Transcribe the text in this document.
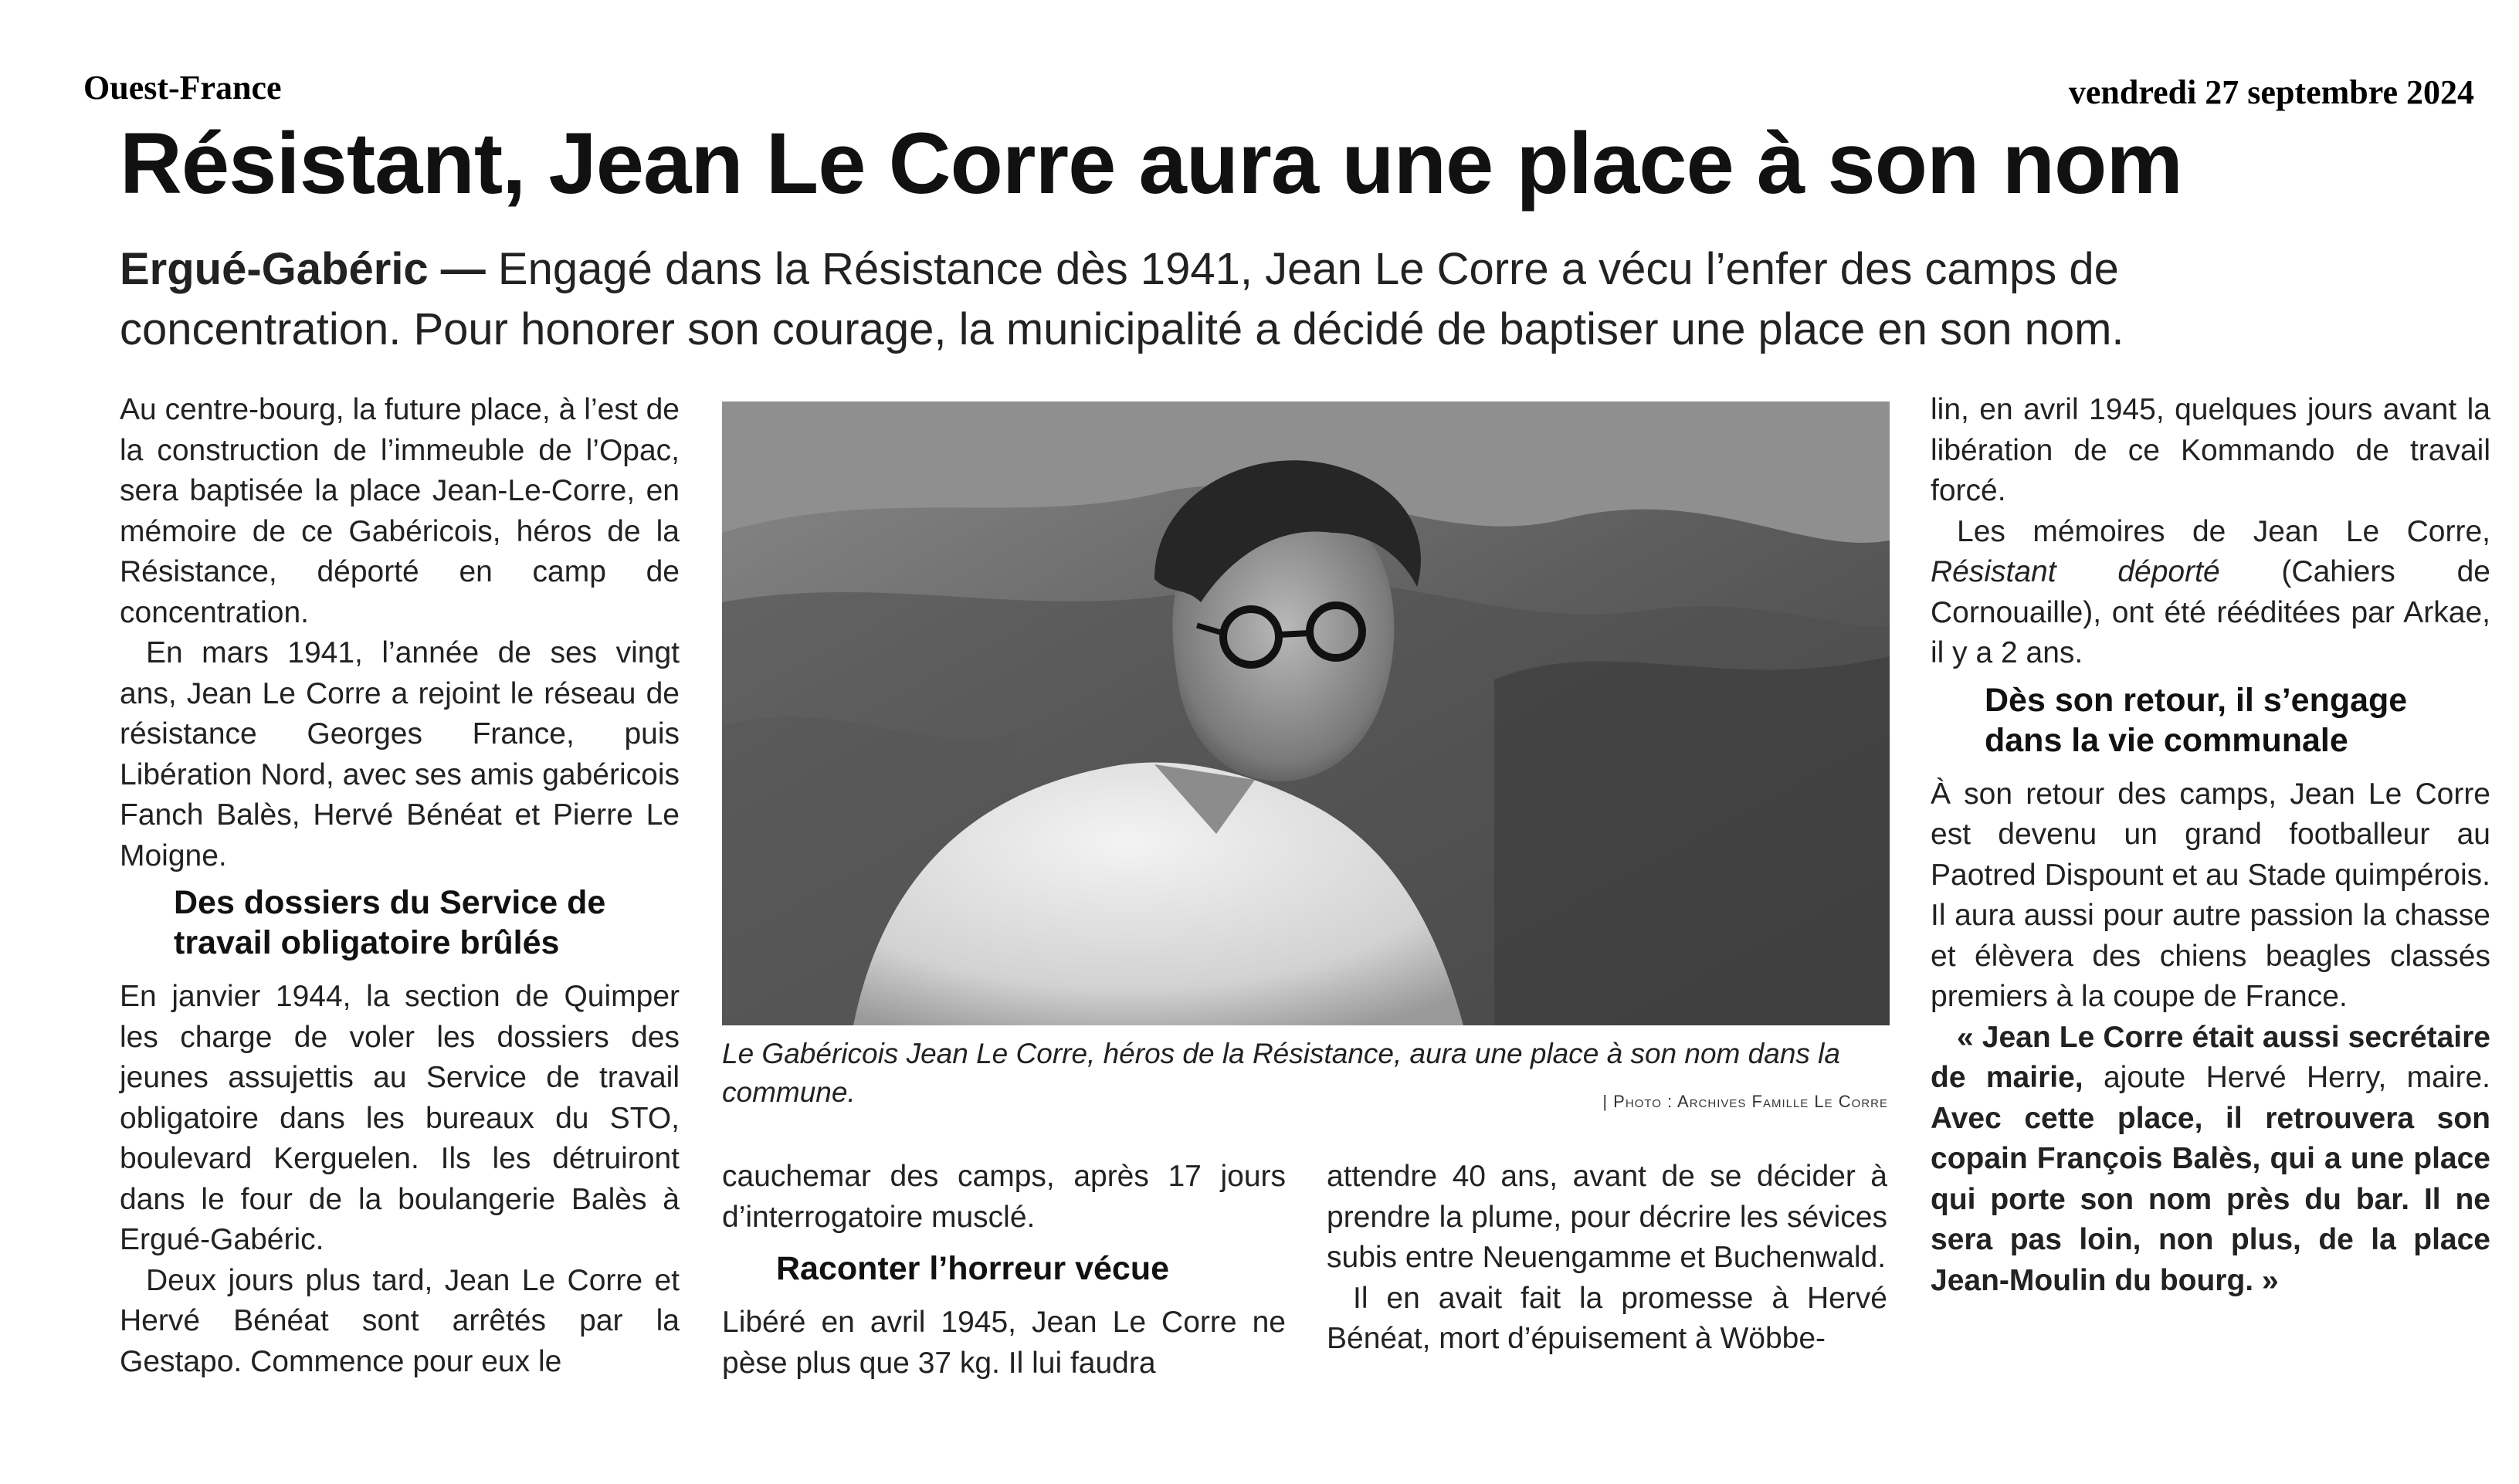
Ouest-France	vendredi 27 septembre 2024
Résistant, Jean Le Corre aura une place à son nom
Ergué-Gabéric — Engagé dans la Résistance dès 1941, Jean Le Corre a vécu l’enfer des camps de concentration. Pour honorer son courage, la municipalité a décidé de baptiser une place en son nom.

Au centre-bourg, la future place, à l’est de la construction de l’immeuble de l’Opac, sera baptisée la place Jean-Le-Corre, en mémoire de ce Gabéricois, héros de la Résistance, déporté en camp de concentration.

En mars 1941, l’année de ses vingt ans, Jean Le Corre a rejoint le réseau de résistance Georges France, puis Libération Nord, avec ses amis gabéricois Fanch Balès, Hervé Bénéat et Pierre Le Moigne.

Des dossiers du Service de travail obligatoire brûlés

En janvier 1944, la section de Quimper les charge de voler les dossiers des jeunes assujettis au Service de travail obligatoire dans les bureaux du STO, boulevard Kerguelen. Ils les détruiront dans le four de la boulangerie Balès à Ergué-Gabéric.

Deux jours plus tard, Jean Le Corre et Hervé Bénéat sont arrêtés par la Gestapo. Commence pour eux le

Le Gabéricois Jean Le Corre, héros de la Résistance, aura une place à son nom dans la commune.	| Photo : Archives Famille Le Corre

cauchemar des camps, après 17 jours d’interrogatoire musclé.

Raconter l’horreur vécue

Libéré en avril 1945, Jean Le Corre ne pèse plus que 37 kg. Il lui faudra

attendre 40 ans, avant de se décider à prendre la plume, pour décrire les sévices subis entre Neuengamme et Buchenwald.

Il en avait fait la promesse à Hervé Bénéat, mort d’épuisement à Wöbbe-

lin, en avril 1945, quelques jours avant la libération de ce Kommando de travail forcé.

Les mémoires de Jean Le Corre, Résistant déporté (Cahiers de Cornouaille), ont été rééditées par Arkae, il y a 2 ans.

Dès son retour, il s’engage dans la vie communale

À son retour des camps, Jean Le Corre est devenu un grand footballeur au Paotred Dispount et au Stade quimpérois. Il aura aussi pour autre passion la chasse et élèvera des chiens beagles classés premiers à la coupe de France.

« Jean Le Corre était aussi secrétaire de mairie, ajoute Hervé Herry, maire. Avec cette place, il retrouvera son copain François Balès, qui a une place qui porte son nom près du bar. Il ne sera pas loin, non plus, de la place Jean-Moulin du bourg. »
